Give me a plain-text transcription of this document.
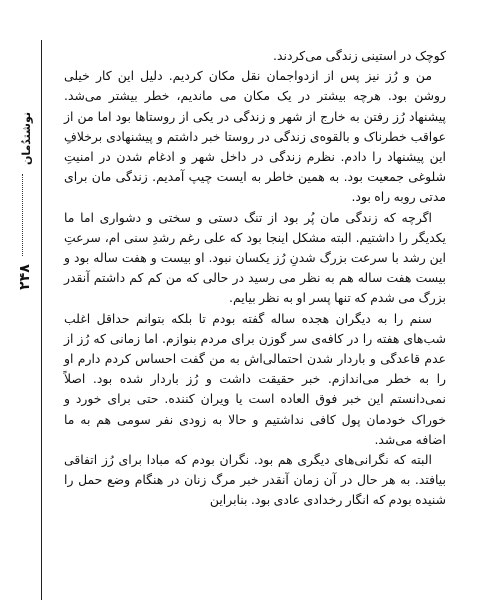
نوشتدُمان
۲۴۸

کوچک در استینی زندگی می‌کردند.

من و رُز نیز پس از ازدواجمان نقل مکان کردیم. دلیل این کار خیلی روشن بود. هرچه بیشتر در یک مکان می ماندیم، خطر بیشتر می‌شد. پیشنهاد رُز رفتن به خارج از شهر و زندگی در یکی از روستاها بود اما من از عواقب خطرناک و بالقوه‌ی زندگی در روستا خبر داشتم و پیشنهادی برخلافِ این پیشنهاد را دادم. نظرم زندگی در داخل شهر و ادغام شدن در امنیتِ شلوغی جمعیت بود. به همین خاطر به ایست چیپ آمدیم. زندگی مان برای مدتی روبه راه بود.

اگرچه که زندگی مان پُر بود از تنگ دستی و سختی و دشواری اما ما یکدیگر را داشتیم. البته مشکل اینجا بود که علی رغم رشدِ سنی ام، سرعتِ این رشد با سرعت بزرگ شدنِ رُز یکسان نبود. او بیست و هفت ساله بود و بیست هفت ساله هم به نظر می رسید در حالی که من کم کم داشتم آنقدر بزرگ می شدم که تنها پسر او به نظر بیایم.

سنم را به دیگران هجده ساله گفته بودم تا بلکه بتوانم حداقل اغلب شب‌های هفته را در کافه‌ی سر گوزن برای مردم بنوازم. اما زمانی که رُز از عدم قاعدگی و باردار شدن احتمالی‌اش به من گفت احساس کردم دارم او را به خطر می‌اندازم. خبر حقیقت داشت و رُز باردار شده بود. اصلاً نمی‌دانستم این خبر فوق العاده است یا ویران کننده. حتی برای خورد و خوراک خودمان پول کافی نداشتیم و حالا به زودی نفر سومی هم به ما اضافه می‌شد.

البته که نگرانی‌های دیگری هم بود. نگران بودم که مبادا برای رُز اتفاقی بیافتد. به هر حال در آن زمان آنقدر خبر مرگ زنان در هنگام وضع حمل را شنیده بودم که انگار رخدادی عادی بود. بنابراین
